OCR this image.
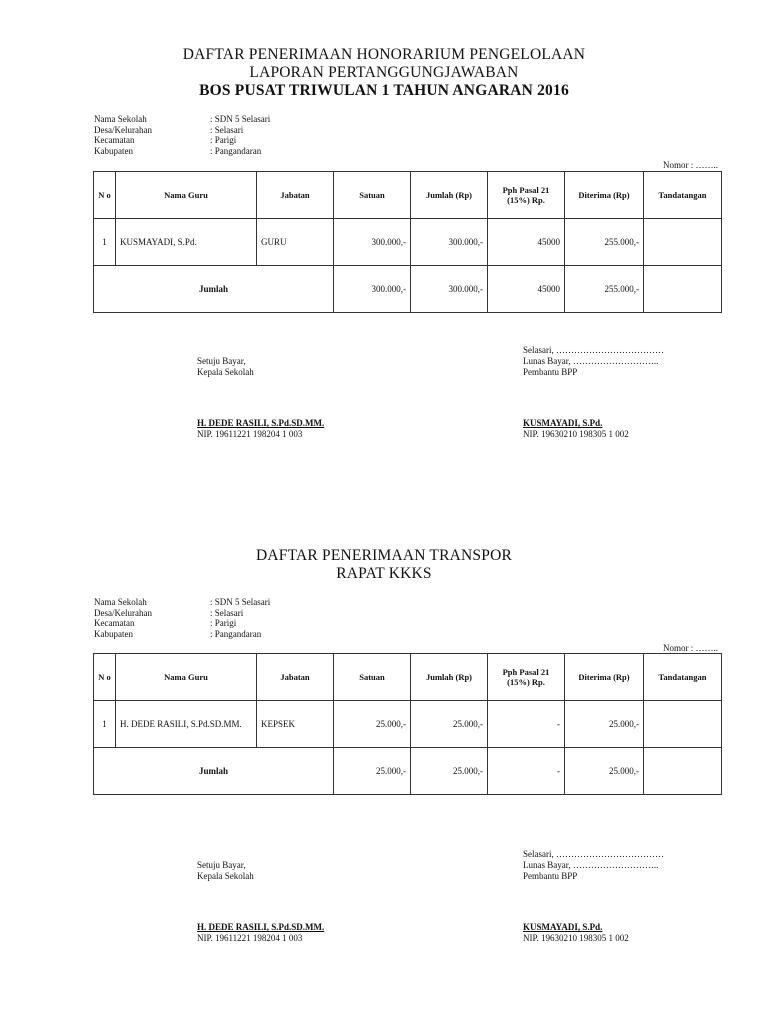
DAFTAR PENERIMAAN HONORARIUM PENGELOLAAN
LAPORAN PERTANGGUNGJAWABAN
BOS PUSAT TRIWULAN 1 TAHUN ANGARAN 2016
Nama Sekolah	: SDN 5 Selasari
Desa/Kelurahan	: Selasari
Kecamatan	: Parigi
Kabupaten	: Pangandaran
Nomor : ……..
N o	Nama Guru	Jabatan	Satuan	Jumlah (Rp)	Pph Pasal 21 (15%) Rp.	Diterima (Rp)	Tandatangan
1	KUSMAYADI, S.Pd.	GURU	300.000,-	300.000,-	45000	255.000,-	
Jumlah			300.000,-	300.000,-	45000	255.000,-	
Setuju Bayar,
Kepala Sekolah
H. DEDE RASILI, S.Pd.SD.MM.
NIP. 19611221 198204 1 003
Selasari, ………………………………
Lunas Bayar, ………………………..
Pembantu BPP
KUSMAYADI, S.Pd.
NIP. 19630210 198305 1 002
DAFTAR PENERIMAAN TRANSPOR
RAPAT KKKS
Nama Sekolah	: SDN 5 Selasari
Desa/Kelurahan	: Selasari
Kecamatan	: Parigi
Kabupaten	: Pangandaran
Nomor : ……..
N o	Nama Guru	Jabatan	Satuan	Jumlah (Rp)	Pph Pasal 21 (15%) Rp.	Diterima (Rp)	Tandatangan
1	H. DEDE RASILI, S.Pd.SD.MM.	KEPSEK	25.000,-	25.000,-	-	25.000,-	
Jumlah			25.000,-	25.000,-	-	25.000,-	
Setuju Bayar,
Kepala Sekolah
H. DEDE RASILI, S.Pd.SD.MM.
NIP. 19611221 198204 1 003
Selasari, ………………………………
Lunas Bayar, ………………………..
Pembantu BPP
KUSMAYADI, S.Pd.
NIP. 19630210 198305 1 002
